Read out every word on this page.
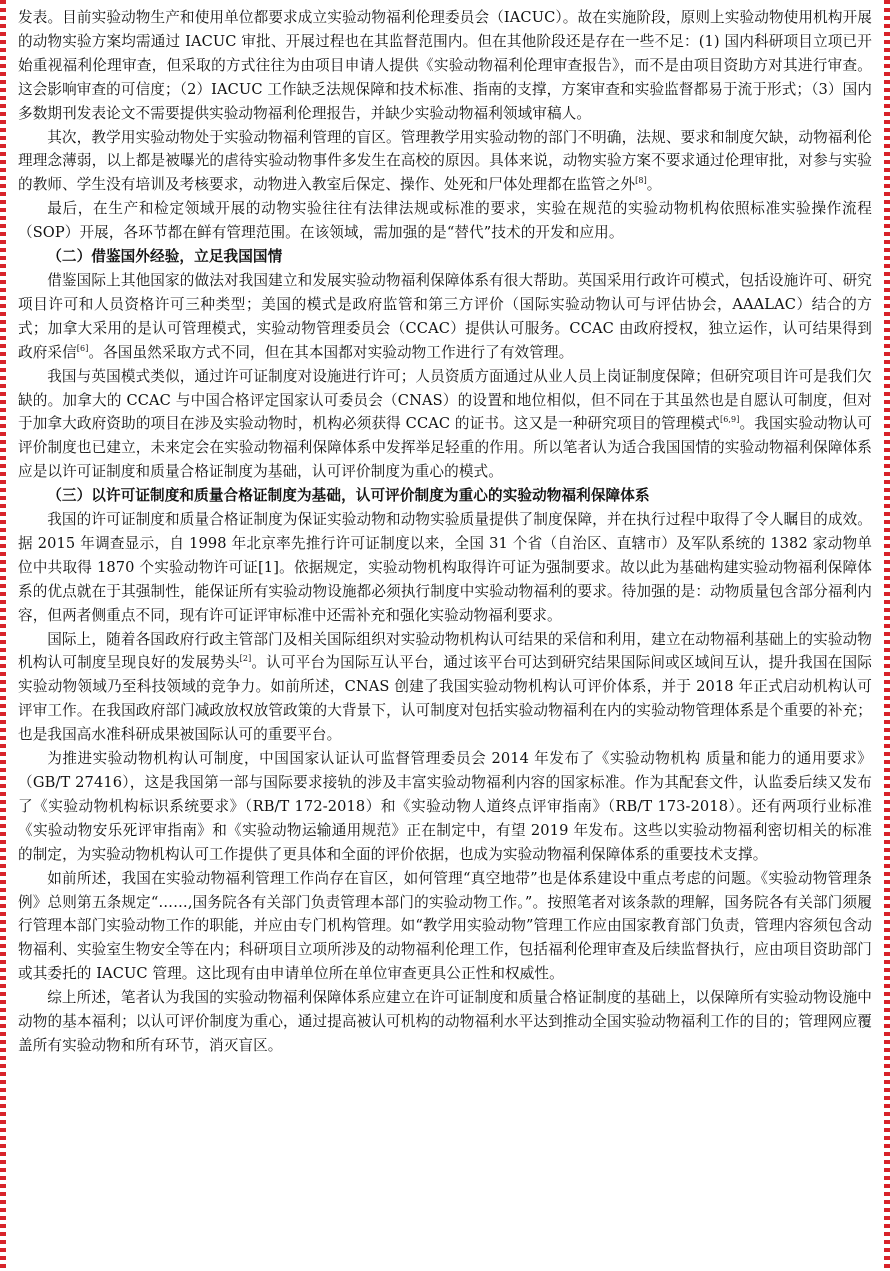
发表。目前实验动物生产和使用单位都要求成立实验动物福利伦理委员会（IACUC）。故在实施阶段，原则上实验动物使用机构开展的动物实验方案均需通过 IACUC 审批、开展过程也在其监督范围内。但在其他阶段还是存在一些不足：(1) 国内科研项目立项已开始重视福利伦理审查，但采取的方式往往为由项目申请人提供《实验动物福利伦理审查报告》，而不是由项目资助方对其进行审查。这会影响审查的可信度；（2）IACUC 工作缺乏法规保障和技术标准、指南的支撑，方案审查和实验监督都易于流于形式；（3）国内多数期刊发表论文不需要提供实验动物福利伦理报告，并缺少实验动物福利领域审稿人。

其次，教学用实验动物处于实验动物福利管理的盲区。管理教学用实验动物的部门不明确，法规、要求和制度欠缺，动物福利伦理理念薄弱，以上都是被曝光的虐待实验动物事件多发生在高校的原因。具体来说，动物实验方案不要求通过伦理审批，对参与实验的教师、学生没有培训及考核要求，动物进入教室后保定、操作、处死和尸体处理都在监管之外[8]。

最后，在生产和检定领域开展的动物实验往往有法律法规或标准的要求，实验在规范的实验动物机构依照标准实验操作流程（SOP）开展，各环节都在鲜有管理范围。在该领域，需加强的是“替代”技术的开发和应用。

（二）借鉴国外经验，立足我国国情

借鉴国际上其他国家的做法对我国建立和发展实验动物福利保障体系有很大帮助。英国采用行政许可模式，包括设施许可、研究项目许可和人员资格许可三种类型；美国的模式是政府监管和第三方评价（国际实验动物认可与评估协会，AAALAC）结合的方式；加拿大采用的是认可管理模式，实验动物管理委员会（CCAC）提供认可服务。CCAC 由政府授权，独立运作，认可结果得到政府采信[6]。各国虽然采取方式不同，但在其本国都对实验动物工作进行了有效管理。

我国与英国模式类似，通过许可证制度对设施进行许可；人员资质方面通过从业人员上岗证制度保障；但研究项目许可是我们欠缺的。加拿大的 CCAC 与中国合格评定国家认可委员会（CNAS）的设置和地位相似，但不同在于其虽然也是自愿认可制度，但对于加拿大政府资助的项目在涉及实验动物时，机构必须获得 CCAC 的证书。这又是一种研究项目的管理模式[6,9]。我国实验动物认可评价制度也已建立，未来定会在实验动物福利保障体系中发挥举足轻重的作用。所以笔者认为适合我国国情的实验动物福利保障体系应是以许可证制度和质量合格证制度为基础，认可评价制度为重心的模式。

（三）以许可证制度和质量合格证制度为基础，认可评价制度为重心的实验动物福利保障体系

我国的许可证制度和质量合格证制度为保证实验动物和动物实验质量提供了制度保障，并在执行过程中取得了令人瞩目的成效。据 2015 年调查显示，自 1998 年北京率先推行许可证制度以来，全国 31 个省（自治区、直辖市）及军队系统的 1382 家动物单位中共取得 1870 个实验动物许可证[1]。依据规定，实验动物机构取得许可证为强制要求。故以此为基础构建实验动物福利保障体系的优点就在于其强制性，能保证所有实验动物设施都必须执行制度中实验动物福利的要求。待加强的是：动物质量包含部分福利内容，但两者侧重点不同，现有许可证评审标准中还需补充和强化实验动物福利要求。

国际上，随着各国政府行政主管部门及相关国际组织对实验动物机构认可结果的采信和利用，建立在动物福利基础上的实验动物机构认可制度呈现良好的发展势头[2]。认可平台为国际互认平台，通过该平台可达到研究结果国际间或区域间互认，提升我国在国际实验动物领域乃至科技领域的竞争力。如前所述，CNAS 创建了我国实验动物机构认可评价体系，并于 2018 年正式启动机构认可评审工作。在我国政府部门减政放权放管政策的大背景下，认可制度对包括实验动物福利在内的实验动物管理体系是个重要的补充；也是我国高水准科研成果被国际认可的重要平台。

为推进实验动物机构认可制度，中国国家认证认可监督管理委员会 2014 年发布了《实验动物机构 质量和能力的通用要求》（GB/T 27416），这是我国第一部与国际要求接轨的涉及丰富实验动物福利内容的国家标准。作为其配套文件，认监委后续又发布了《实验动物机构标识系统要求》（RB/T 172-2018）和《实验动物人道终点评审指南》（RB/T 173-2018）。还有两项行业标准《实验动物安乐死评审指南》和《实验动物运输通用规范》正在制定中，有望 2019 年发布。这些以实验动物福利密切相关的标准的制定，为实验动物机构认可工作提供了更具体和全面的评价依据，也成为实验动物福利保障体系的重要技术支撑。

如前所述，我国在实验动物福利管理工作尚存在盲区，如何管理“真空地带”也是体系建设中重点考虑的问题。《实验动物管理条例》总则第五条规定“……,国务院各有关部门负责管理本部门的实验动物工作。”。按照笔者对该条款的理解，国务院各有关部门须履行管理本部门实验动物工作的职能，并应由专门机构管理。如“教学用实验动物”管理工作应由国家教育部门负责，管理内容须包含动物福利、实验室生物安全等在内；科研项目立项所涉及的动物福利伦理工作，包括福利伦理审查及后续监督执行，应由项目资助部门或其委托的 IACUC 管理。这比现有由申请单位所在单位审查更具公正性和权威性。

综上所述，笔者认为我国的实验动物福利保障体系应建立在许可证制度和质量合格证制度的基础上，以保障所有实验动物设施中动物的基本福利；以认可评价制度为重心，通过提高被认可机构的动物福利水平达到推动全国实验动物福利工作的目的；管理网应覆盖所有实验动物和所有环节，消灭盲区。
